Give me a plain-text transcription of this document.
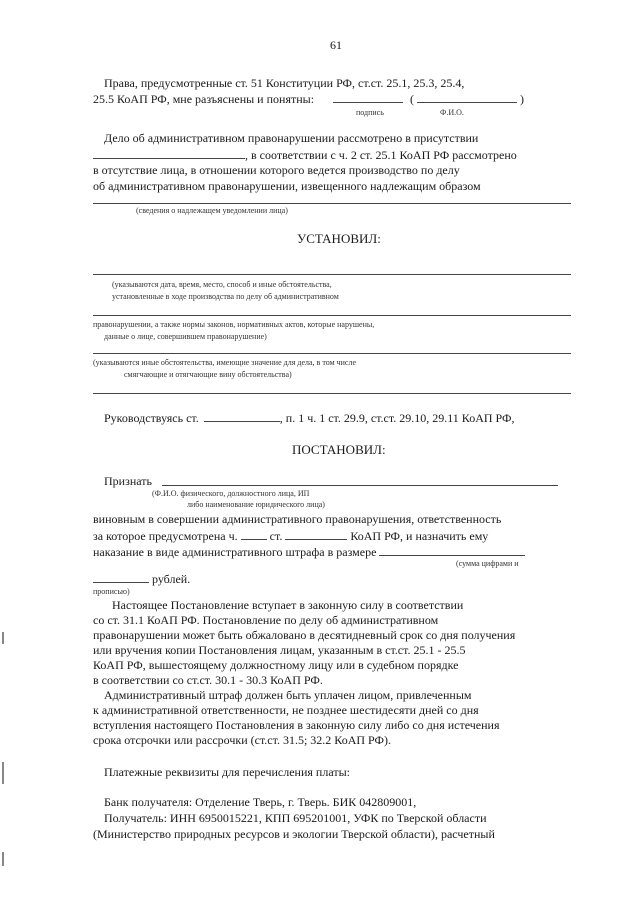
61
Права, предусмотренные ст. 51 Конституции РФ, ст.ст. 25.1, 25.3, 25.4,
25.5 КоАП РФ, мне разъяснены и понятны:	(	)
подпись	Ф.И.О.
Дело об административном правонарушении рассмотрено в присутствии
, в соответствии с ч. 2 ст. 25.1 КоАП РФ рассмотрено
в отсутствие лица, в отношении которого ведется производство по делу
об административном правонарушении, извещенного надлежащим образом
(сведения о надлежащем уведомлении лица)
УСТАНОВИЛ:
(указываются дата, время, место, способ и иные обстоятельства,
установленные в ходе производства по делу об административном
правонарушении, а также нормы законов, нормативных актов, которые нарушены,
данные о лице, совершившем правонарушение)
(указываются иные обстоятельства, имеющие значение для дела, в том числе
смягчающие и отягчающие вину обстоятельства)
Руководствуясь ст.	, п. 1 ч. 1 ст. 29.9, ст.ст. 29.10, 29.11 КоАП РФ,
ПОСТАНОВИЛ:
Признать
(Ф.И.О. физического, должностного лица, ИП
либо наименование юридического лица)
виновным в совершении административного правонарушения, ответственность
за которое предусмотрена ч.	ст.	КоАП РФ, и назначить ему
наказание в виде административного штрафа в размере
(сумма цифрами и
рублей.
прописью)
Настоящее Постановление вступает в законную силу в соответствии
со ст. 31.1 КоАП РФ. Постановление по делу об административном
правонарушении может быть обжаловано в десятидневный срок со дня получения
или вручения копии Постановления лицам, указанным в ст.ст. 25.1 - 25.5
КоАП РФ, вышестоящему должностному лицу или в судебном порядке
в соответствии со ст.ст. 30.1 - 30.3 КоАП РФ.
Административный штраф должен быть уплачен лицом, привлеченным
к административной ответственности, не позднее шестидесяти дней со дня
вступления настоящего Постановления в законную силу либо со дня истечения
срока отсрочки или рассрочки (ст.ст. 31.5; 32.2 КоАП РФ).
Платежные реквизиты для перечисления платы:
Банк получателя: Отделение Тверь, г. Тверь. БИК 042809001,
Получатель: ИНН 6950015221, КПП 695201001, УФК по Тверской области
(Министерство природных ресурсов и экологии Тверской области), расчетный
